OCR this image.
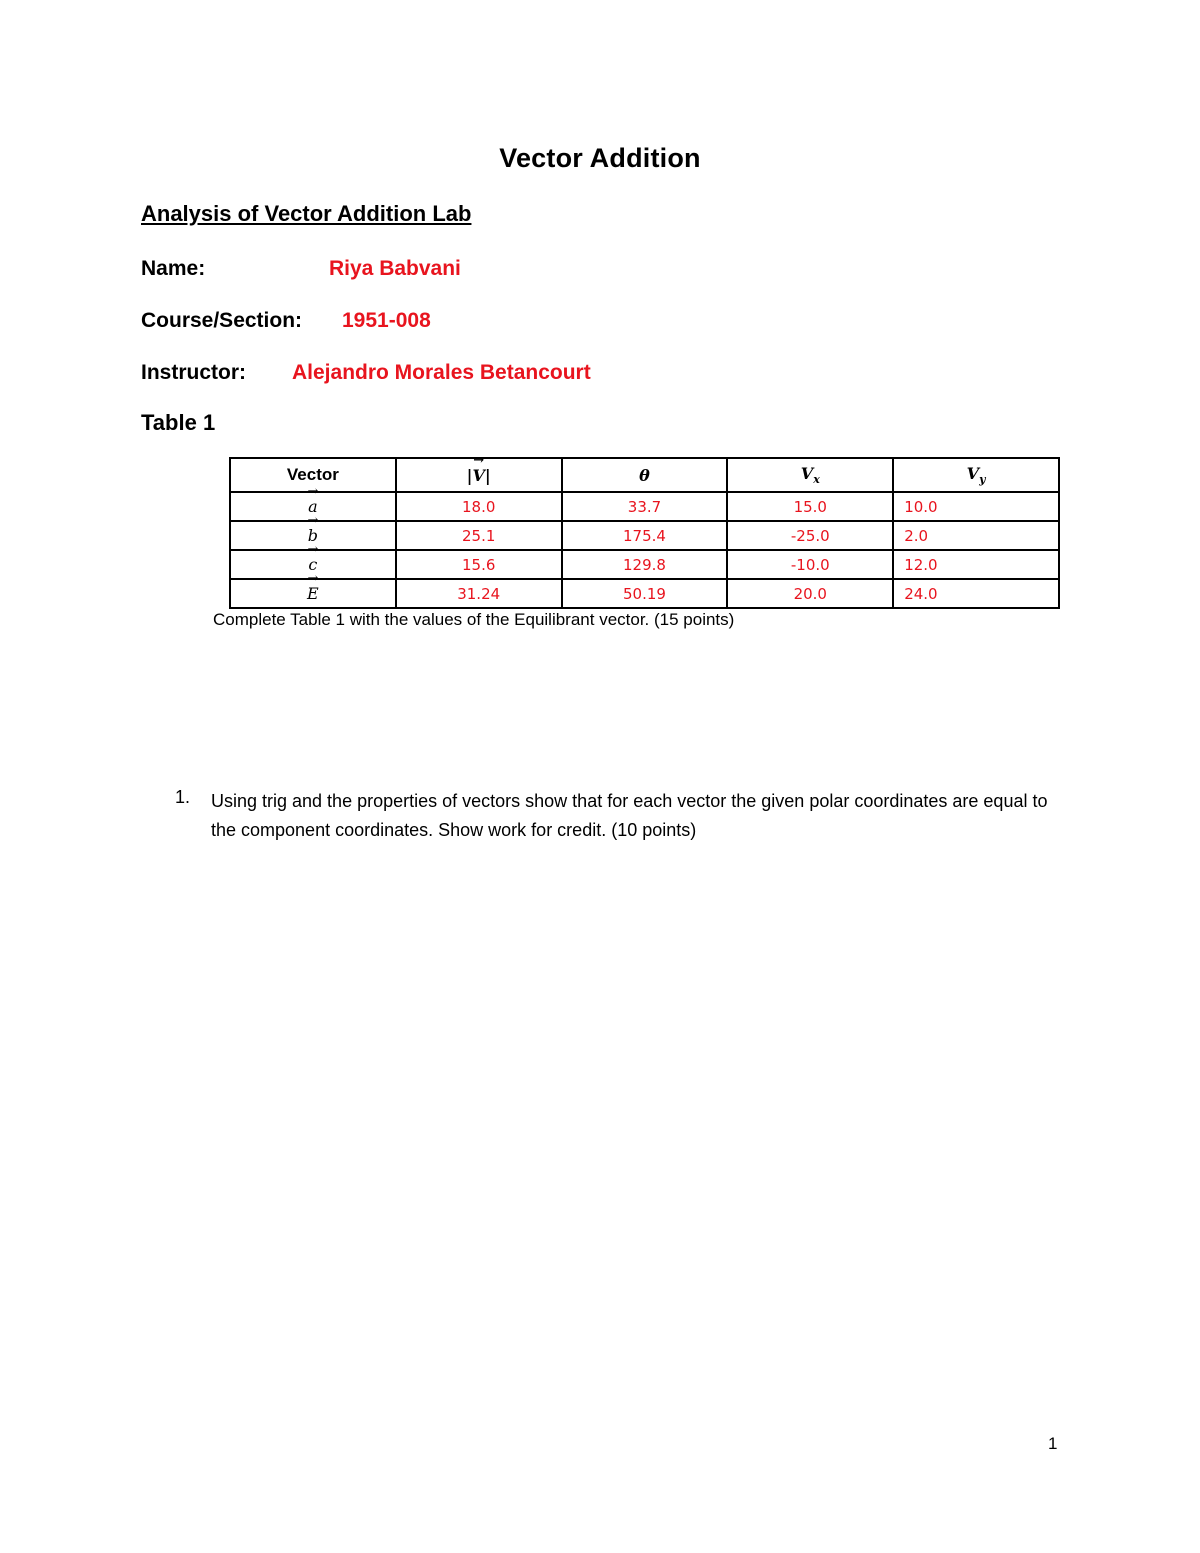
Vector Addition
Analysis of Vector Addition Lab
Name:	Riya Babvani
Course/Section: 1951-008
Instructor: Alejandro Morales Betancourt
Table 1
Vector	|→ V|	θ	$V_x$	$V_y$
→ a	18.0	33.7	15.0	10.0
→ b	25.1	175.4	-25.0	2.0
→ c	15.6	129.8	-10.0	12.0
→ E	31.24	50.19	20.0	24.0
Complete Table 1 with the values of the Equilibrant vector. (15 points)
1. Using trig and the properties of vectors show that for each vector the given polar coordinates are equal to the component coordinates. Show work for credit. (10 points)
1
